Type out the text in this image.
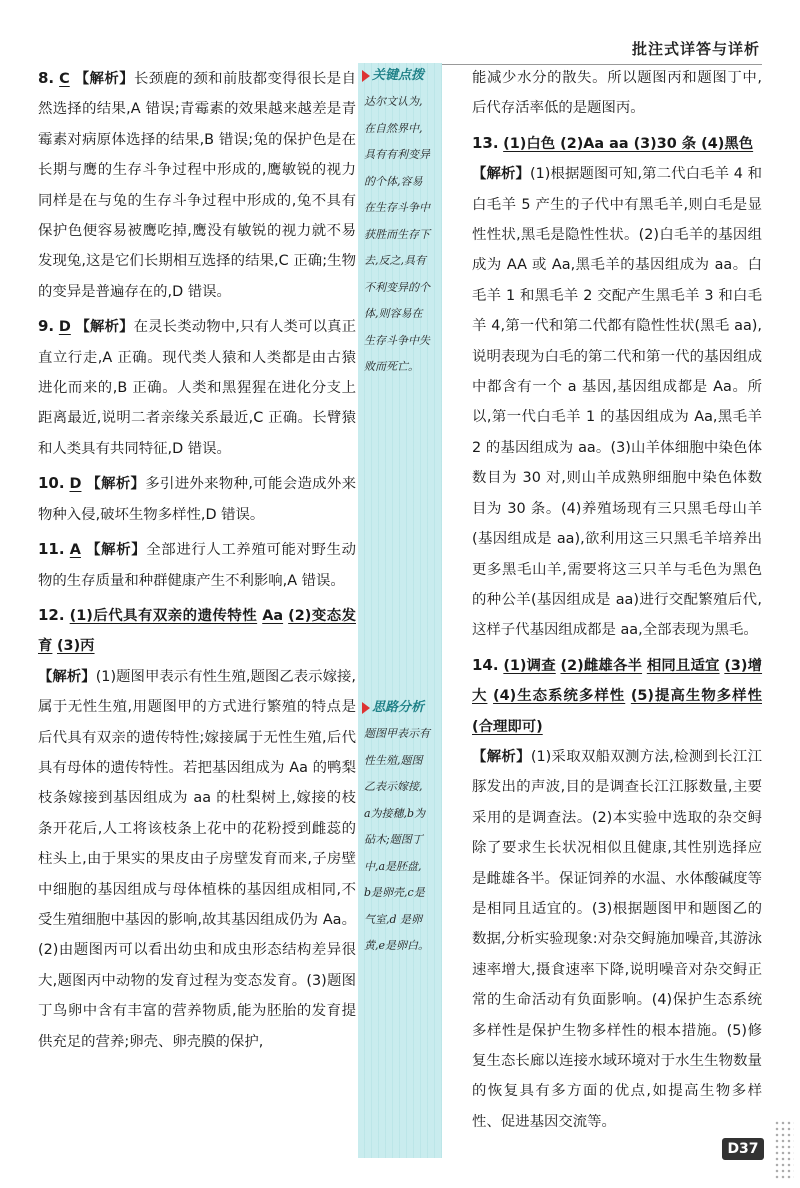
批注式详答与详析

8. C 【解析】长颈鹿的颈和前肢都变得很长是自然选择的结果,A 错误;青霉素的效果越来越差是青霉素对病原体选择的结果,B 错误;兔的保护色是在长期与鹰的生存斗争过程中形成的,鹰敏锐的视力同样是在与兔的生存斗争过程中形成的,兔不具有保护色便容易被鹰吃掉,鹰没有敏锐的视力就不易发现兔,这是它们长期相互选择的结果,C 正确;生物的变异是普遍存在的,D 错误。

9. D 【解析】在灵长类动物中,只有人类可以真正直立行走,A 正确。现代类人猿和人类都是由古猿进化而来的,B 正确。人类和黑猩猩在进化分支上距离最近,说明二者亲缘关系最近,C 正确。长臂猿和人类具有共同特征,D 错误。

10. D 【解析】多引进外来物种,可能会造成外来物种入侵,破坏生物多样性,D 错误。

11. A 【解析】全部进行人工养殖可能对野生动物的生存质量和种群健康产生不利影响,A 错误。

12. (1)后代具有双亲的遗传特性 Aa (2)变态发育 (3)丙

【解析】(1)题图甲表示有性生殖,题图乙表示嫁接,属于无性生殖,用题图甲的方式进行繁殖的特点是后代具有双亲的遗传特性;嫁接属于无性生殖,后代具有母体的遗传特性。若把基因组成为 Aa 的鸭梨枝条嫁接到基因组成为 aa 的杜梨树上,嫁接的枝条开花后,人工将该枝条上花中的花粉授到雌蕊的柱头上,由于果实的果皮由子房壁发育而来,子房壁中细胞的基因组成与母体植株的基因组成相同,不受生殖细胞中基因的影响,故其基因组成仍为 Aa。(2)由题图丙可以看出幼虫和成虫形态结构差异很大,题图丙中动物的发育过程为变态发育。(3)题图丁鸟卵中含有丰富的营养物质,能为胚胎的发育提供充足的营养;卵壳、卵壳膜的保护,

关键点拨
达尔文认为,
在自然界中,
具有有利变异
的个体,容易
在生存斗争中
获胜而生存下
去,反之,具有
不利变异的个
体,则容易在
生存斗争中失
败而死亡。
思路分析
题图甲表示有
性生殖,题图
乙表示嫁接,
a为接穗,b为
砧木;题图丁
中,a是胚盘,
b是卵壳,c是
气室,d 是卵
黄,e是卵白。

能减少水分的散失。所以题图丙和题图丁中,后代存活率低的是题图丙。

13. (1)白色 (2)Aa aa (3)30 条 (4)黑色

【解析】(1)根据题图可知,第二代白毛羊 4 和白毛羊 5 产生的子代中有黑毛羊,则白毛是显性性状,黑毛是隐性性状。(2)白毛羊的基因组成为 AA 或 Aa,黑毛羊的基因组成为 aa。白毛羊 1 和黑毛羊 2 交配产生黑毛羊 3 和白毛羊 4,第一代和第二代都有隐性性状(黑毛 aa),说明表现为白毛的第二代和第一代的基因组成中都含有一个 a 基因,基因组成都是 Aa。所以,第一代白毛羊 1 的基因组成为 Aa,黑毛羊 2 的基因组成为 aa。(3)山羊体细胞中染色体数目为 30 对,则山羊成熟卵细胞中染色体数目为 30 条。(4)养殖场现有三只黑毛母山羊(基因组成是 aa),欲利用这三只黑毛羊培养出更多黑毛山羊,需要将这三只羊与毛色为黑色的种公羊(基因组成是 aa)进行交配繁殖后代,这样子代基因组成都是 aa,全部表现为黑毛。

14. (1)调查 (2)雌雄各半 相同且适宜 (3)增大 (4)生态系统多样性 (5)提高生物多样性(合理即可)

【解析】(1)采取双船双测方法,检测到长江江豚发出的声波,目的是调查长江江豚数量,主要采用的是调查法。(2)本实验中选取的杂交鲟除了要求生长状况相似且健康,其性别选择应是雌雄各半。保证饲养的水温、水体酸碱度等是相同且适宜的。(3)根据题图甲和题图乙的数据,分析实验现象:对杂交鲟施加噪音,其游泳速率增大,摄食速率下降,说明噪音对杂交鲟正常的生命活动有负面影响。(4)保护生态系统多样性是保护生物多样性的根本措施。(5)修复生态长廊以连接水域环境对于水生生物数量的恢复具有多方面的优点,如提高生物多样性、促进基因交流等。

D37
